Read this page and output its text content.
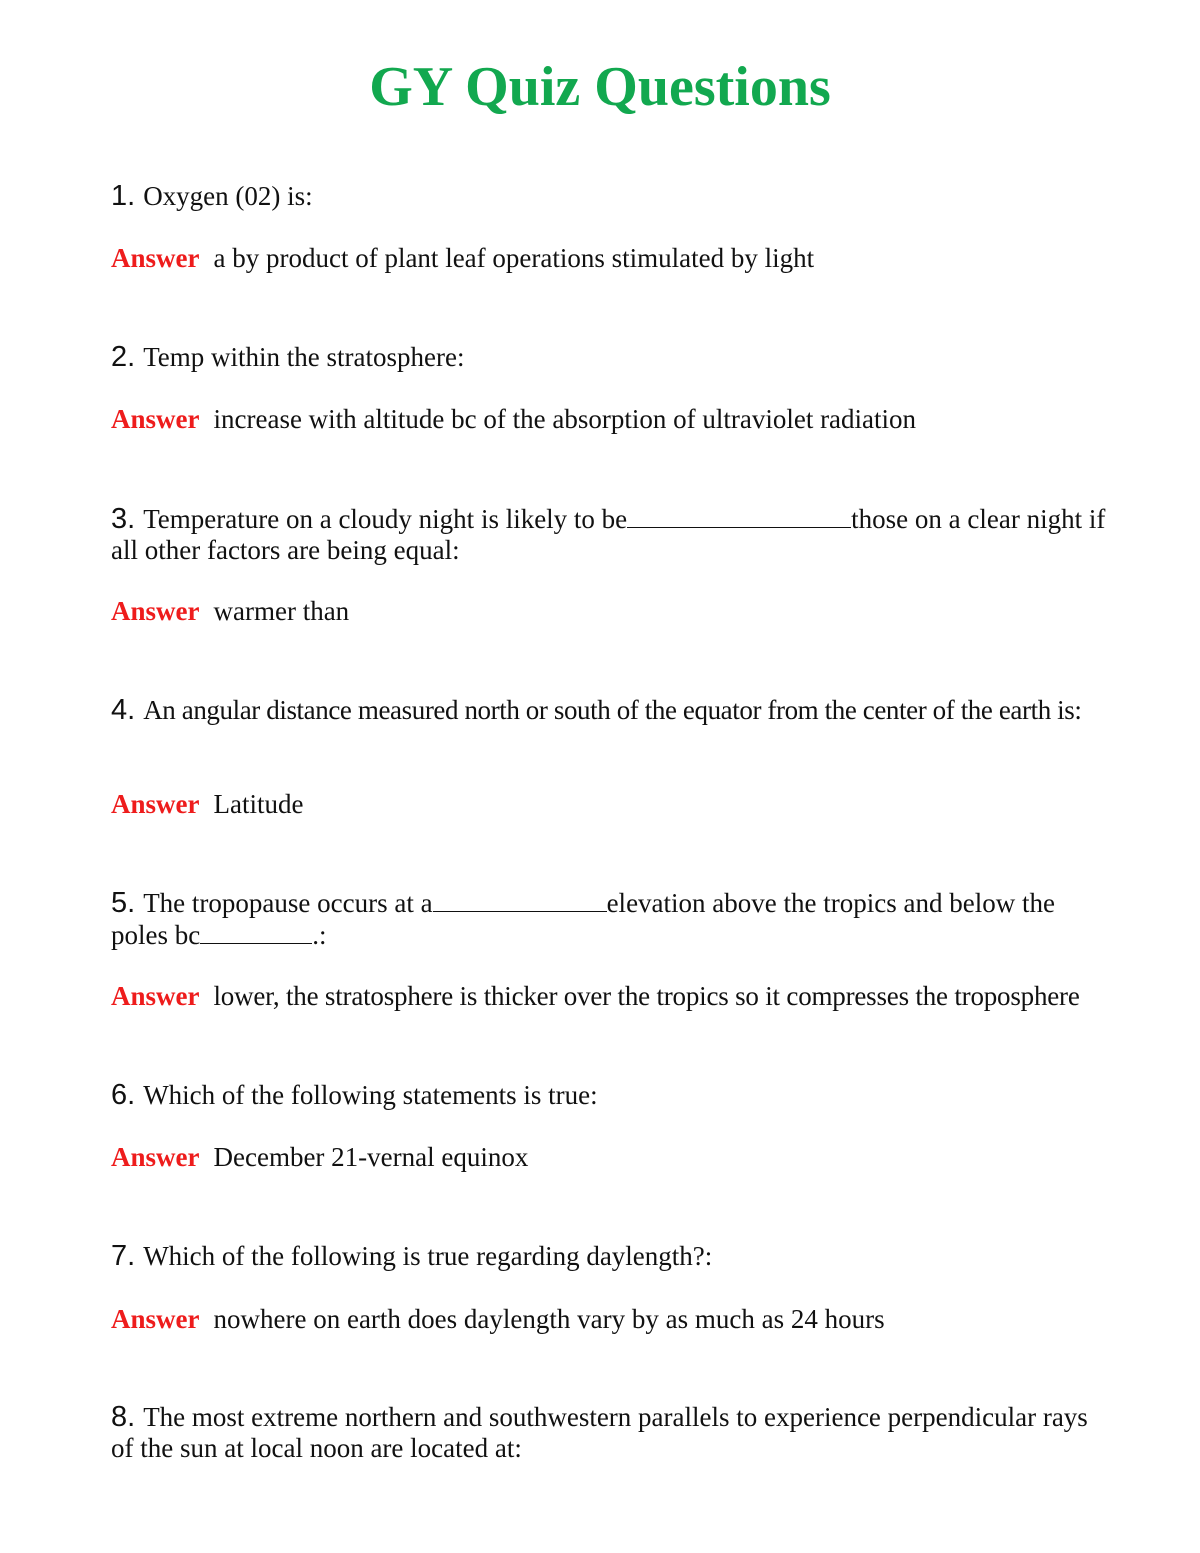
GY Quiz Questions

1. Oxygen (02) is:

Answer a by product of plant leaf operations stimulated by light

2. Temp within the stratosphere:

Answer increase with altitude bc of the absorption of ultraviolet radiation

3. Temperature on a cloudy night is likely to be	those on a clear night if all other factors are being equal:

Answer warmer than

4. An angular distance measured north or south of the equator from the center of the earth is:

Answer Latitude

5. The tropopause occurs at a	elevation above the tropics and below the poles bc	.:

Answer lower, the stratosphere is thicker over the tropics so it compresses the troposphere

6. Which of the following statements is true:

Answer December 21-vernal equinox

7. Which of the following is true regarding daylength?:

Answer nowhere on earth does daylength vary by as much as 24 hours

8. The most extreme northern and southwestern parallels to experience perpendicular rays of the sun at local noon are located at:
